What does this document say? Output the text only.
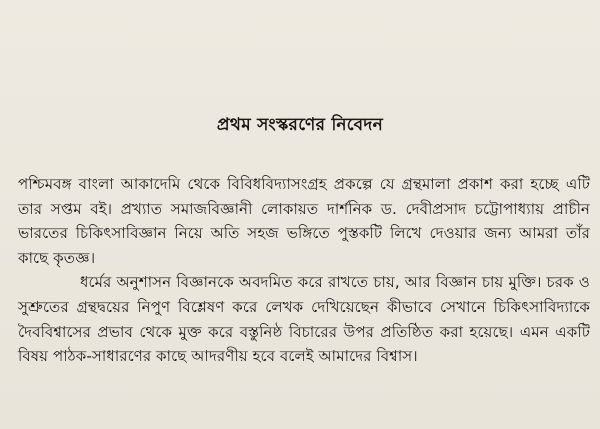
প্রথম সংস্করণের নিবেদন

পশ্চিমবঙ্গ বাংলা আকাদেমি থেকে বিবিধবিদ্যাসংগ্রহ প্রকল্পে যে গ্রন্থমালা প্রকাশ করা হচ্ছে এটি তার সপ্তম বই। প্রখ্যাত সমাজবিজ্ঞানী লোকায়ত দার্শনিক ড. দেবীপ্রসাদ চট্টোপাধ্যায় প্রাচীন ভারতের চিকিৎসাবিজ্ঞান নিয়ে অতি সহজ ভঙ্গিতে পুস্তকটি লিখে দেওয়ার জন্য আমরা তাঁর কাছে কৃতজ্ঞ।

ধর্মের অনুশাসন বিজ্ঞানকে অবদমিত করে রাখতে চায়, আর বিজ্ঞান চায় মুক্তি। চরক ও সুশ্রুতের গ্রন্থদ্বয়ের নিপুণ বিশ্লেষণ করে লেখক দেখিয়েছেন কীভাবে সেখানে চিকিৎসাবিদ্যাকে দৈববিশ্বাসের প্রভাব থেকে মুক্ত করে বস্তুনিষ্ঠ বিচারের উপর প্রতিষ্ঠিত করা হয়েছে। এমন একটি বিষয় পাঠক-সাধারণের কাছে আদরণীয় হবে বলেই আমাদের বিশ্বাস।
